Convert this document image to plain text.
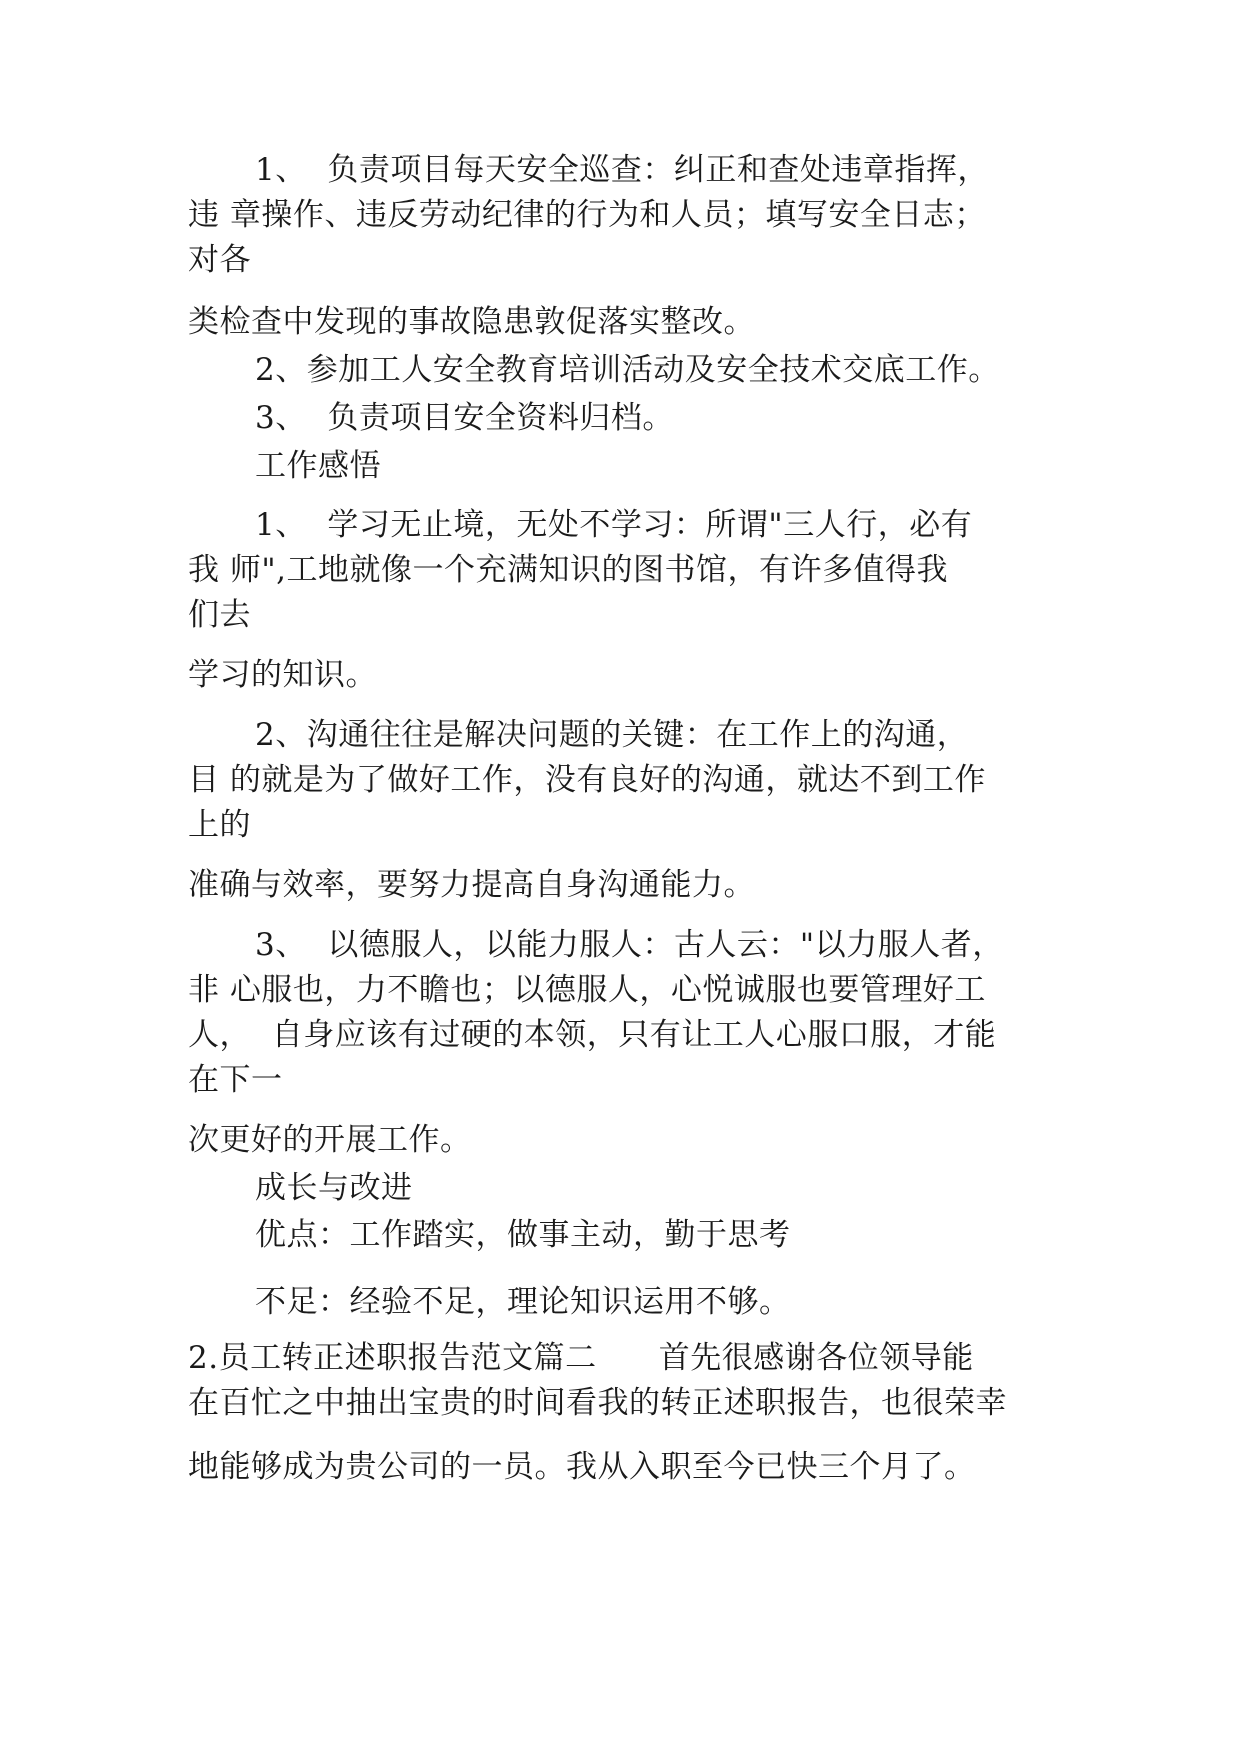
1、  负责项目每天安全巡查：纠正和查处违章指挥，
违 章操作、违反劳动纪律的行为和人员；填写安全日志；
对各
类检查中发现的事故隐患敦促落实整改。
2、参加工人安全教育培训活动及安全技术交底工作。
3、  负责项目安全资料归档。
工作感悟
1、  学习无止境，无处不学习：所谓"三人行，必有
我 师",工地就像一个充满知识的图书馆，有许多值得我
们去
学习的知识。
2、沟通往往是解决问题的关键：在工作上的沟通，
目 的就是为了做好工作，没有良好的沟通，就达不到工作
上的
准确与效率，要努力提高自身沟通能力。
3、  以德服人，以能力服人：古人云："以力服人者，
非 心服也，力不瞻也；以德服人，心悦诚服也要管理好工
人，  自身应该有过硬的本领，只有让工人心服口服，才能
在下一
次更好的开展工作。
成长与改进
优点：工作踏实，做事主动，勤于思考
不足：经验不足，理论知识运用不够。
2.员工转正述职报告范文篇二      首先很感谢各位领导能
在百忙之中抽出宝贵的时间看我的转正述职报告，也很荣幸
地能够成为贵公司的一员。我从入职至今已快三个月了。
